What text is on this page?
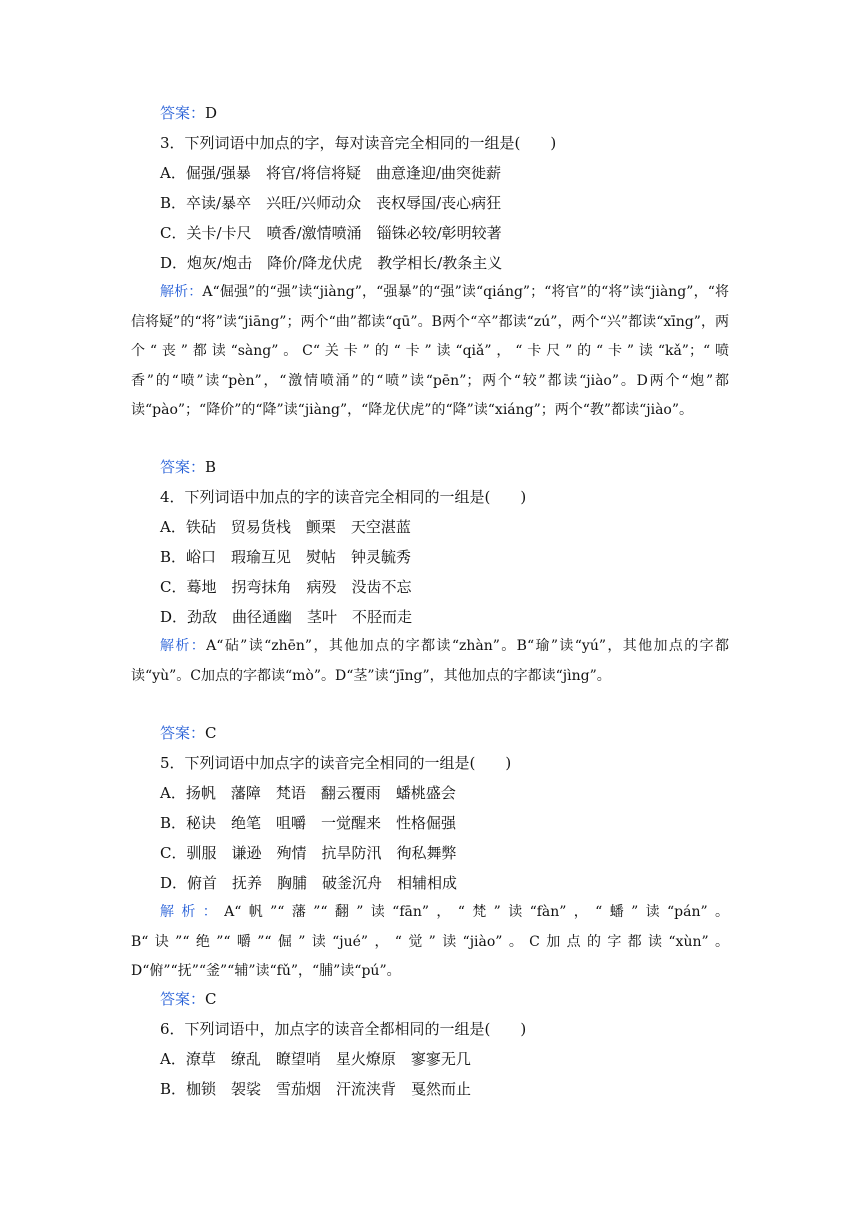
答案：D
3．下列词语中加点的字，每对读音完全相同的一组是(　　)
A．倔强/强暴　将官/将信将疑　曲意逢迎/曲突徙薪
B．卒读/暴卒　兴旺/兴师动众　丧权辱国/丧心病狂
C．关卡/卡尺　喷香/激情喷涌　锱铢必较/彰明较著
D．炮灰/炮击　降价/降龙伏虎　教学相长/教条主义
解析：A“倔强”的“强”读“jiàng”，“强暴”的“强”读“qiáng”；“将官”的“将”读“jiàng”，“将信将疑”的“将”读“jiāng”；两个“曲”都读“qū”。B两个“卒”都读“zú”，两个“兴”都读“xīng”，两个“丧”都读“sàng”。C“关卡”的“卡”读“qiǎ”，“卡尺”的“卡”读“kǎ”；“喷香”的“喷”读“pèn”，“激情喷涌”的“喷”读“pēn”；两个“较”都读“jiào”。D两个“炮”都读“pào”；“降价”的“降”读“jiàng”，“降龙伏虎”的“降”读“xiáng”；两个“教”都读“jiào”。
答案：B
4．下列词语中加点的字的读音完全相同的一组是(　　)
A．铁砧　贸易货栈　颤栗　天空湛蓝
B．峪口　瑕瑜互见　熨帖　钟灵毓秀
C．蓦地　拐弯抹角　病殁　没齿不忘
D．劲敌　曲径通幽　茎叶　不胫而走
解析：A“砧”读“zhēn”，其他加点的字都读“zhàn”。B“瑜”读“yú”，其他加点的字都读“yù”。C加点的字都读“mò”。D“茎”读“jīng”，其他加点的字都读“jìng”。
答案：C
5．下列词语中加点字的读音完全相同的一组是(　　)
A．扬帆　藩障　梵语　翻云覆雨　蟠桃盛会
B．秘诀　绝笔　咀嚼　一觉醒来　性格倔强
C．驯服　谦逊　殉情　抗旱防汛　徇私舞弊
D．俯首　抚养　胸脯　破釜沉舟　相辅相成
解析：A“帆”“藩”“翻”读“fān”，“梵”读“fàn”，“蟠”读“pán”。B“诀”“绝”“嚼”“倔”读“jué”，“觉”读“jiào”。C加点的字都读“xùn”。D“俯”“抚”“釜”“辅”读“fǔ”，“脯”读“pú”。
答案：C
6．下列词语中，加点字的读音全都相同的一组是(　　)
A．潦草　缭乱　瞭望哨　星火燎原　寥寥无几
B．枷锁　袈裟　雪茄烟　汗流浃背　戛然而止
